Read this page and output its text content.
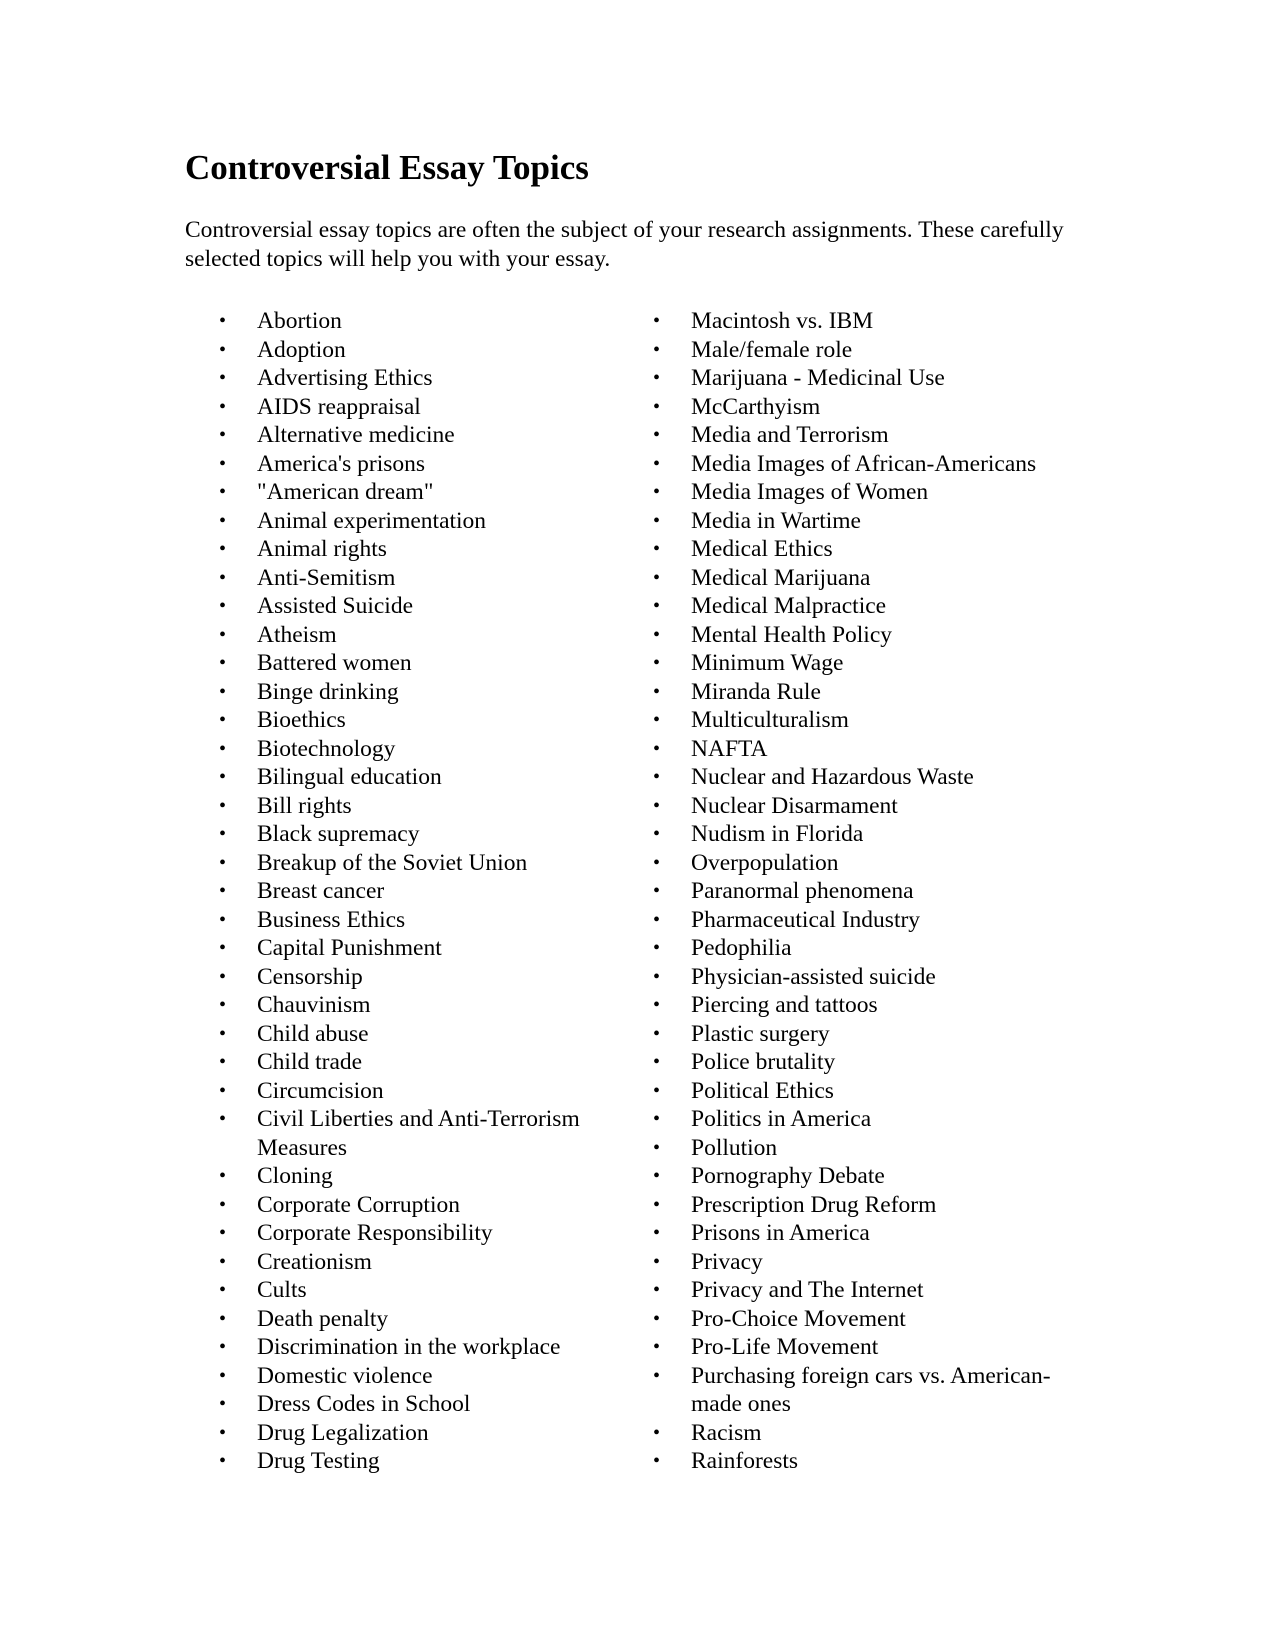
Controversial Essay Topics

Controversial essay topics are often the subject of your research assignments. These carefully selected topics will help you with your essay.

• Abortion
• Adoption
• Advertising Ethics
• AIDS reappraisal
• Alternative medicine
• America's prisons
• "American dream"
• Animal experimentation
• Animal rights
• Anti-Semitism
• Assisted Suicide
• Atheism
• Battered women
• Binge drinking
• Bioethics
• Biotechnology
• Bilingual education
• Bill rights
• Black supremacy
• Breakup of the Soviet Union
• Breast cancer
• Business Ethics
• Capital Punishment
• Censorship
• Chauvinism
• Child abuse
• Child trade
• Circumcision
• Civil Liberties and Anti-Terrorism Measures
• Cloning
• Corporate Corruption
• Corporate Responsibility
• Creationism
• Cults
• Death penalty
• Discrimination in the workplace
• Domestic violence
• Dress Codes in School
• Drug Legalization
• Drug Testing
• Macintosh vs. IBM
• Male/female role
• Marijuana - Medicinal Use
• McCarthyism
• Media and Terrorism
• Media Images of African-Americans
• Media Images of Women
• Media in Wartime
• Medical Ethics
• Medical Marijuana
• Medical Malpractice
• Mental Health Policy
• Minimum Wage
• Miranda Rule
• Multiculturalism
• NAFTA
• Nuclear and Hazardous Waste
• Nuclear Disarmament
• Nudism in Florida
• Overpopulation
• Paranormal phenomena
• Pharmaceutical Industry
• Pedophilia
• Physician-assisted suicide
• Piercing and tattoos
• Plastic surgery
• Police brutality
• Political Ethics
• Politics in America
• Pollution
• Pornography Debate
• Prescription Drug Reform
• Prisons in America
• Privacy
• Privacy and The Internet
• Pro-Choice Movement
• Pro-Life Movement
• Purchasing foreign cars vs. American-made ones
• Racism
• Rainforests
